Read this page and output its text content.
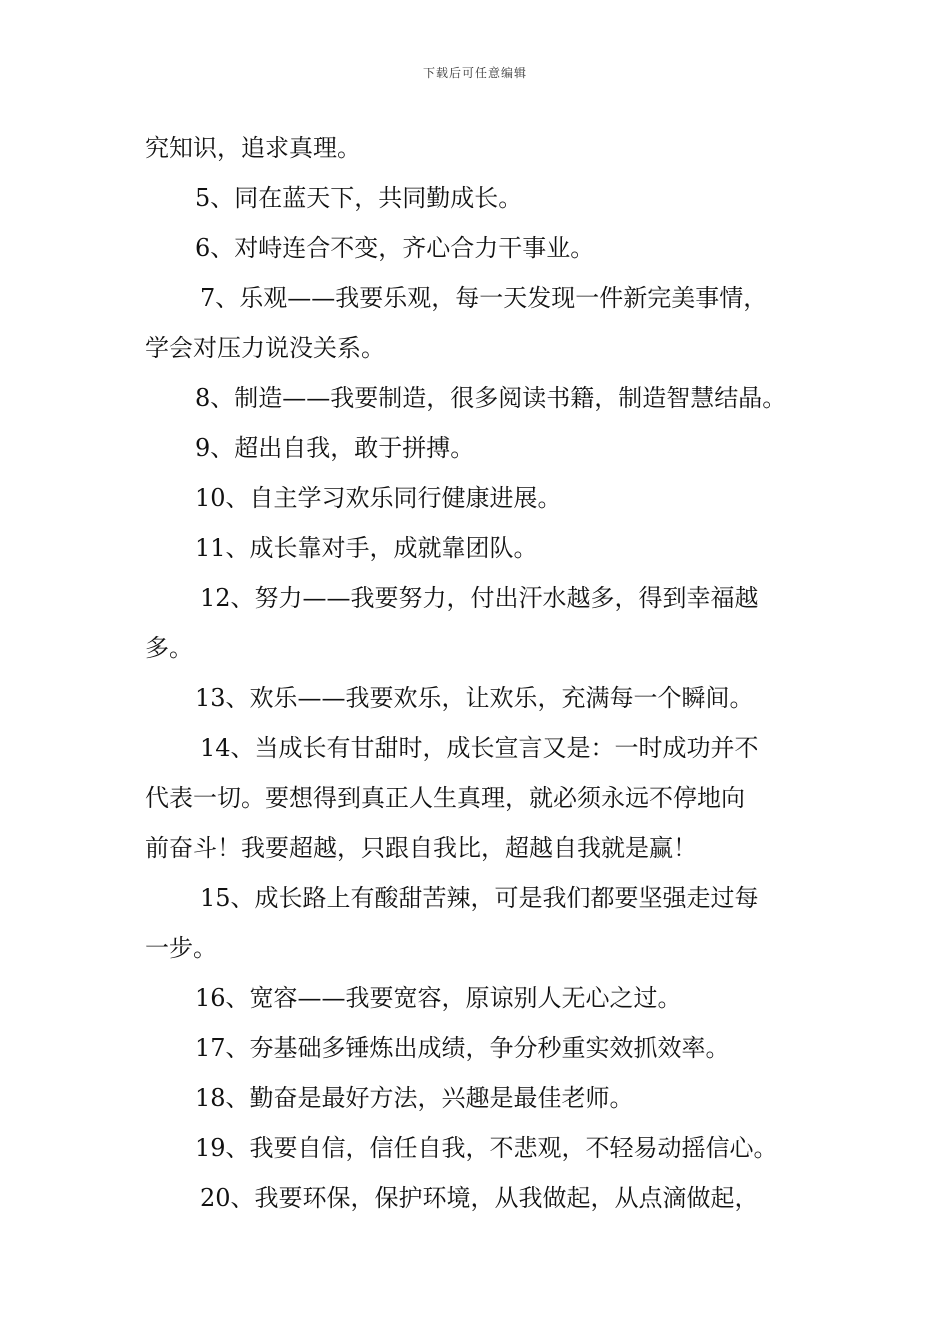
下载后可任意编辑
究知识，追求真理。
5、同在蓝天下，共同勤成长。
6、对峙连合不变，齐心合力干事业。
7、乐观——我要乐观，每一天发现一件新完美事情，
学会对压力说没关系。
8、制造——我要制造，很多阅读书籍，制造智慧结晶。
9、超出自我，敢于拼搏。
10、自主学习欢乐同行健康进展。
11、成长靠对手，成就靠团队。
12、努力——我要努力，付出汗水越多，得到幸福越
多。
13、欢乐——我要欢乐，让欢乐，充满每一个瞬间。
14、当成长有甘甜时，成长宣言又是：一时成功并不
代表一切。要想得到真正人生真理，就必须永远不停地向
前奋斗！我要超越，只跟自我比，超越自我就是赢！
15、成长路上有酸甜苦辣，可是我们都要坚强走过每
一步。
16、宽容——我要宽容，原谅别人无心之过。
17、夯基础多锤炼出成绩，争分秒重实效抓效率。
18、勤奋是最好方法，兴趣是最佳老师。
19、我要自信，信任自我，不悲观，不轻易动摇信心。
20、我要环保，保护环境，从我做起，从点滴做起，
